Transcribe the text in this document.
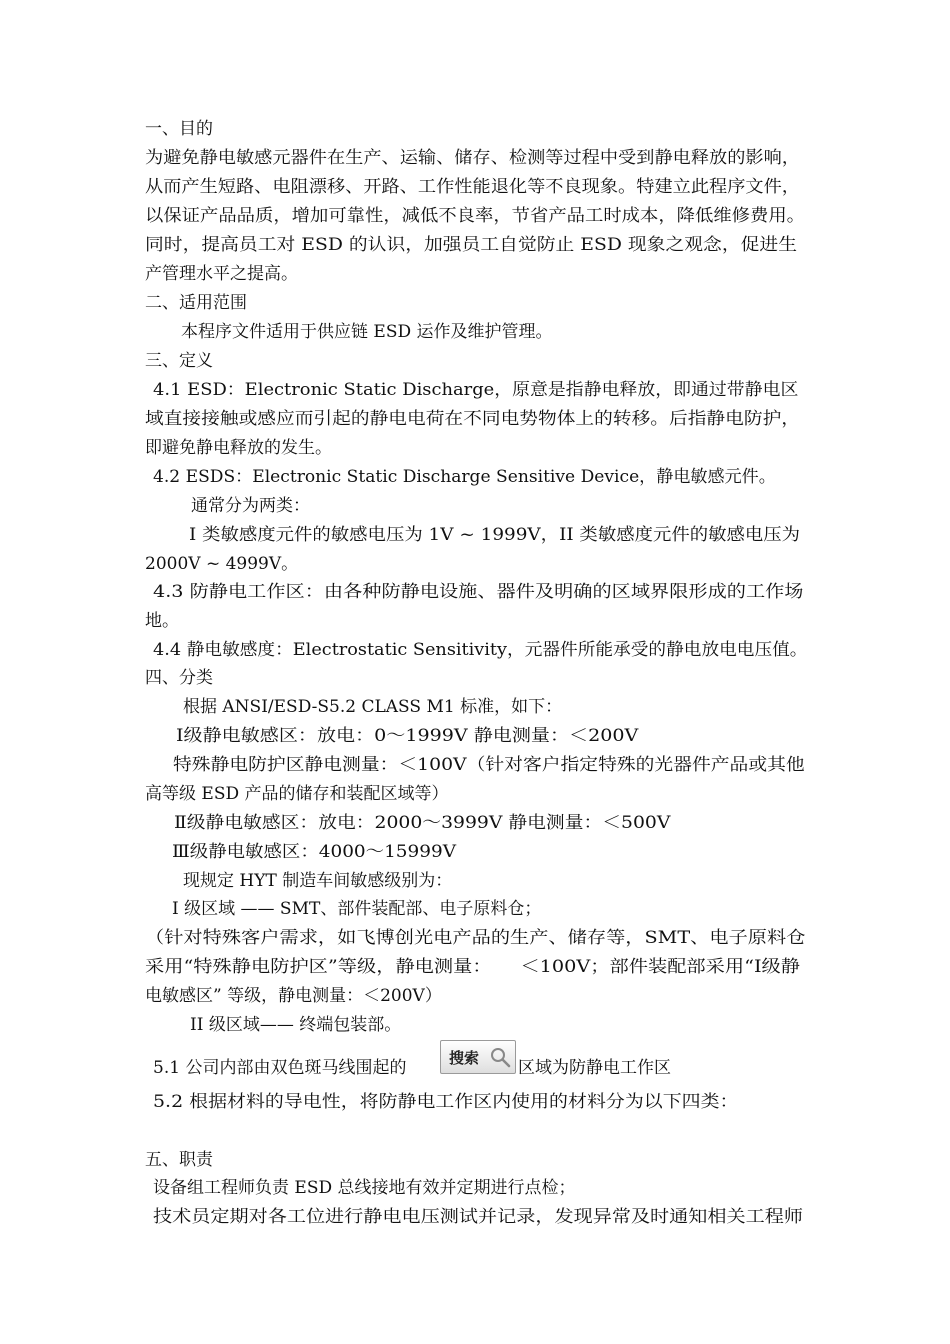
一、目的
为避免静电敏感元器件在生产、运输、储存、检测等过程中受到静电释放的影响，
从而产生短路、电阻漂移、开路、工作性能退化等不良现象。特建立此程序文件，
以保证产品品质，增加可靠性，减低不良率，节省产品工时成本，降低维修费用。
同时，提高员工对 ESD 的认识，加强员工自觉防止 ESD 现象之观念，促进生
产管理水平之提高。
二、适用范围
本程序文件适用于供应链 ESD 运作及维护管理。
三、定义
4.1 ESD：Electronic Static Discharge，原意是指静电释放，即通过带静电区
域直接接触或感应而引起的静电电荷在不同电势物体上的转移。后指静电防护，
即避免静电释放的发生。
4.2 ESDS：Electronic Static Discharge Sensitive Device，静电敏感元件。
通常分为两类：
I 类敏感度元件的敏感电压为 1V ~ 1999V，II 类敏感度元件的敏感电压为
2000V ~ 4999V。
4.3 防静电工作区：由各种防静电设施、器件及明确的区域界限形成的工作场
地。
4.4 静电敏感度：Electrostatic Sensitivity，元器件所能承受的静电放电电压值。
四、分类
根据 ANSI/ESD-S5.2 CLASS M1 标准，如下：
Ⅰ级静电敏感区：放电：0～1999V 静电测量：＜200V
特殊静电防护区静电测量：＜100V（针对客户指定特殊的光器件产品或其他
高等级 ESD 产品的储存和装配区域等）
Ⅱ级静电敏感区：放电：2000～3999V 静电测量：＜500V
Ⅲ级静电敏感区：4000～15999V
现规定 HYT 制造车间敏感级别为：
I 级区域 —— SMT、部件装配部、电子原料仓；
（针对特殊客户需求，如飞博创光电产品的生产、储存等，SMT、电子原料仓
采用“特殊静电防护区”等级，静电测量：　　＜100V；部件装配部采用“Ⅰ级静
电敏感区” 等级，静电测量：＜200V）
II 级区域—— 终端包装部。
5.1 公司内部由双色斑马线围起的	区域为防静电工作区
5.2 根据材料的导电性，将防静电工作区内使用的材料分为以下四类：
五、职责
设备组工程师负责 ESD 总线接地有效并定期进行点检；
技术员定期对各工位进行静电电压测试并记录，发现异常及时通知相关工程师
搜索
